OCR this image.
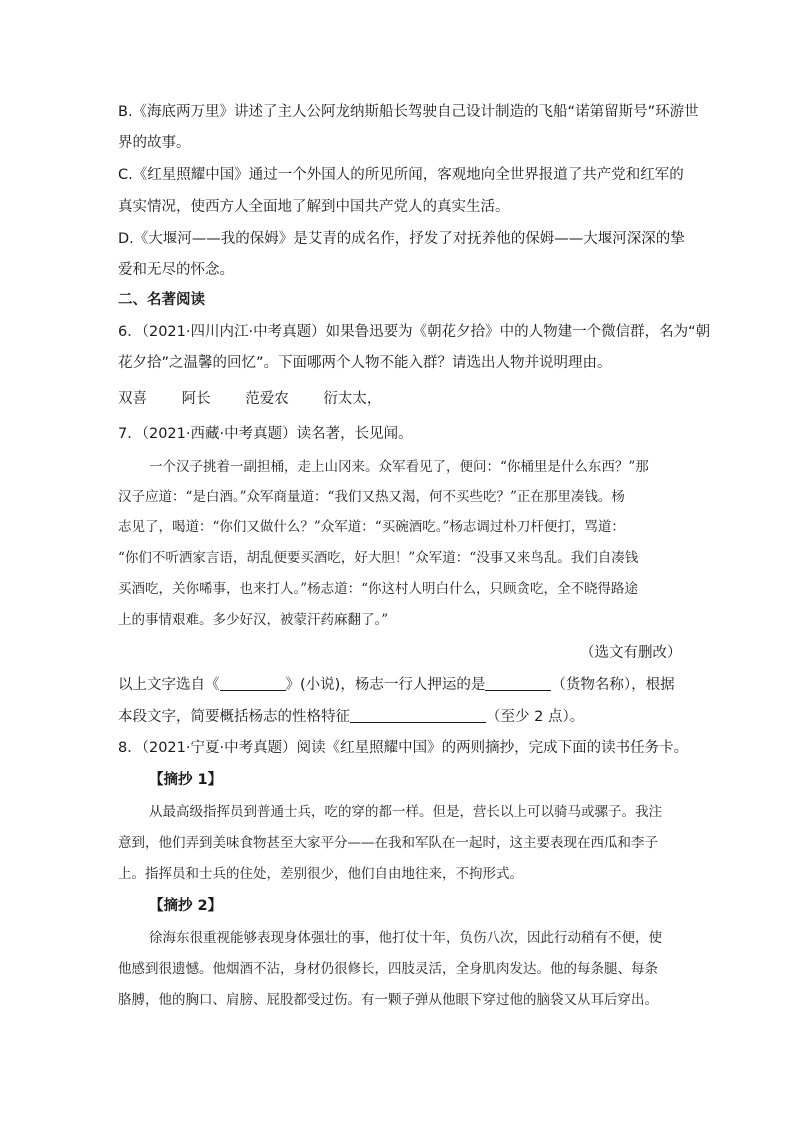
B.《海底两万里》讲述了主人公阿龙纳斯船长驾驶自己设计制造的飞船“诺第留斯号”环游世
界的故事。
C.《红星照耀中国》通过一个外国人的所见所闻，客观地向全世界报道了共产党和红军的
真实情况，使西方人全面地了解到中国共产党人的真实生活。
D.《大堰河——我的保姆》是艾青的成名作，抒发了对抚养他的保姆——大堰河深深的挚
爱和无尽的怀念。
二、名著阅读
6．（2021·四川内江·中考真题）如果鲁迅要为《朝花夕拾》中的人物建一个微信群，名为“朝
花夕拾”之温馨的回忆”。下面哪两个人物不能入群？请选出人物并说明理由。
双喜 阿长 范爱农 衍太太，
7．（2021·西藏·中考真题）读名著，长见闻。
一个汉子挑着一副担桶，走上山冈来。众军看见了，便问：“你桶里是什么东西？”那
汉子应道：“是白酒。”众军商量道：“我们又热又渴，何不买些吃？”正在那里凑钱。杨
志见了，喝道：“你们又做什么？”众军道：“买碗酒吃。”杨志调过朴刀杆便打，骂道：
“你们不听洒家言语，胡乱便要买酒吃，好大胆！”众军道：“没事又来鸟乱。我们自凑钱
买酒吃，关你唏事，也来打人。”杨志道：“你这村人明白什么，只顾贪吃，全不晓得路途
上的事情艰难。多少好汉，被蒙汗药麻翻了。”
（选文有删改）
以上文字选自《	》(小说)，杨志一行人押运的是	（货物名称），根据
本段文字，简要概括杨志的性格特征	（至少 2 点）。
8．（2021·宁夏·中考真题）阅读《红星照耀中国》的两则摘抄，完成下面的读书任务卡。
【摘抄 1】
从最高级指挥员到普通士兵，吃的穿的都一样。但是，营长以上可以骑马或骡子。我注
意到，他们弄到美味食物甚至大家平分——在我和军队在一起时，这主要表现在西瓜和李子
上。指挥员和士兵的住处，差别很少，他们自由地往来，不拘形式。
【摘抄 2】
徐海东很重视能够表现身体强壮的事，他打仗十年，负伤八次，因此行动稍有不便，使
他感到很遗憾。他烟酒不沾，身材仍很修长，四肢灵活，全身肌肉发达。他的每条腿、每条
胳膊，他的胸口、肩膀、屁股都受过伤。有一颗子弹从他眼下穿过他的脑袋又从耳后穿出。
